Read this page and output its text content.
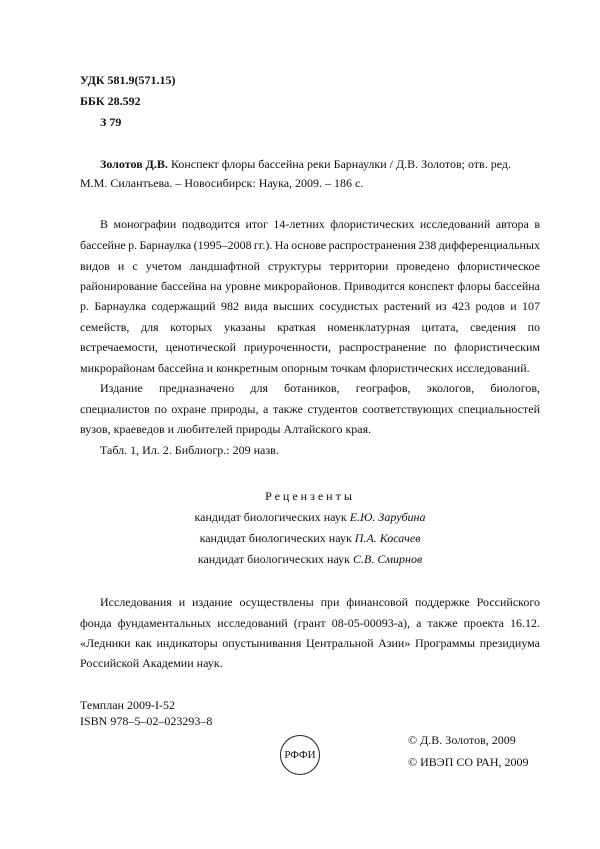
УДК 581.9(571.15)
ББК 28.592
З 79
Золотов Д.В. Конспект флоры бассейна реки Барнаулки / Д.В. Золотов; отв. ред.
М.М. Силантьева. – Новосибирск: Наука, 2009. – 186 с.
В монографии подводится итог 14-летних флористических исследований автора в
бассейне р. Барнаулка (1995–2008 гг.). На основе распространения 238 дифференциальных
видов и с учетом ландшафтной структуры территории проведено флористическое
районирование бассейна на уровне микрорайонов. Приводится конспект флоры бассейна
р. Барнаулка содержащий 982 вида высших сосудистых растений из 423 родов и 107
семейств, для которых указаны краткая номенклатурная цитата, сведения по
встречаемости, ценотической приуроченности, распространение по флористическим
микрорайонам бассейна и конкретным опорным точкам флористических исследований.
Издание предназначено для ботаников, географов, экологов, биологов,
специалистов по охране природы, а также студентов соответствующих специальностей
вузов, краеведов и любителей природы Алтайского края.
Табл. 1, Ил. 2. Библиогр.: 209 назв.
Рецензенты
кандидат биологических наук Е.Ю. Зарубина
кандидат биологических наук П.А. Косачев
кандидат биологических наук С.В. Смирнов
Исследования и издание осуществлены при финансовой поддержке Российского
фонда фундаментальных исследований (грант 08-05-00093-а), а также проекта 16.12.
«Ледники как индикаторы опустынивания Центральной Азии» Программы президиума
Российской Академии наук.
Темплан 2009-I-52
ISBN 978–5–02–023293–8
РФФИ
© Д.В. Золотов, 2009
© ИВЭП СО РАН, 2009
